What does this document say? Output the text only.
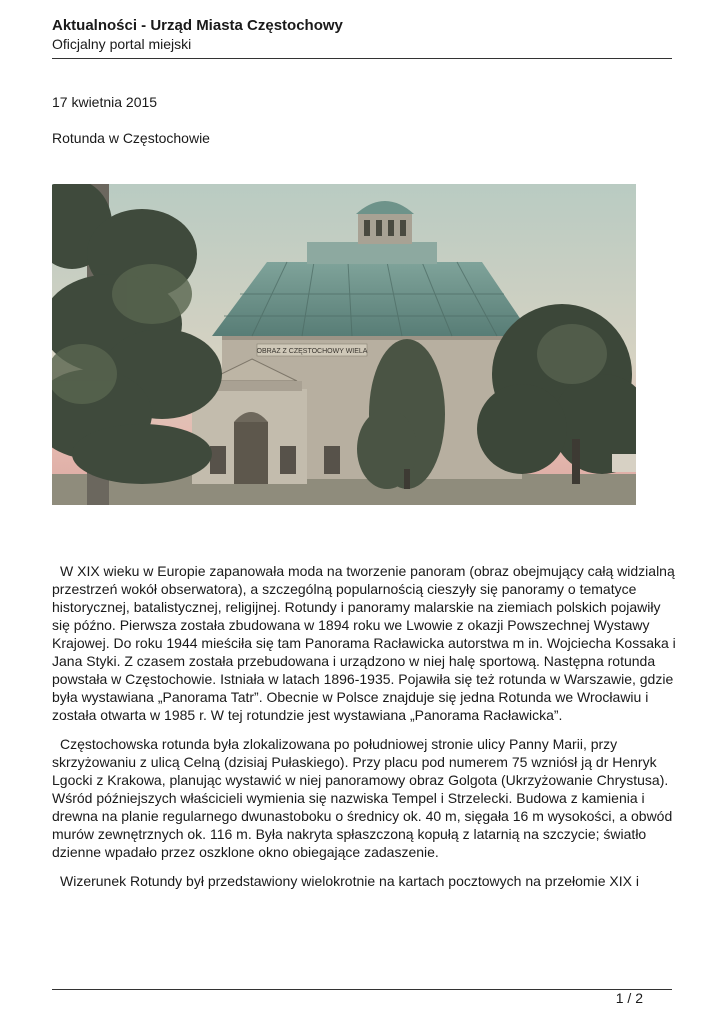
Aktualności - Urząd Miasta Częstochowy
Oficjalny portal miejski
17 kwietnia 2015
Rotunda w Częstochowie
OBRAZ Z CZĘSTOCHOWY WIELA

W XIX wieku w Europie zapanowała moda na tworzenie panoram (obraz obejmujący całą widzialną przestrzeń wokół obserwatora), a szczególną popularnością cieszyły się panoramy o tematyce historycznej, batalistycznej, religijnej. Rotundy i panoramy malarskie na ziemiach polskich pojawiły się późno. Pierwsza została zbudowana w 1894 roku we Lwowie z okazji Powszechnej Wystawy Krajowej. Do roku 1944 mieściła się tam Panorama Racławicka autorstwa m in. Wojciecha Kossaka i Jana Styki. Z czasem została przebudowana i urządzono w niej halę sportową. Następna rotunda powstała w Częstochowie. Istniała w latach 1896-1935. Pojawiła się też rotunda w Warszawie, gdzie była wystawiana „Panorama Tatr”. Obecnie w Polsce znajduje się jedna Rotunda we Wrocławiu i została otwarta w 1985 r. W tej rotundzie jest wystawiana „Panorama Racławicka”.

Częstochowska rotunda była zlokalizowana po południowej stronie ulicy Panny Marii, przy skrzyżowaniu z ulicą Celną (dzisiaj Pułaskiego). Przy placu pod numerem 75 wzniósł ją dr Henryk Lgocki z Krakowa, planując wystawić w niej panoramowy obraz Golgota (Ukrzyżowanie Chrystusa). Wśród późniejszych właścicieli wymienia się nazwiska Tempel i Strzelecki. Budowa z kamienia i drewna na planie regularnego dwunastoboku o średnicy ok. 40 m, sięgała 16 m wysokości, a obwód murów zewnętrznych ok. 116 m. Była nakryta spłaszczoną kopułą z latarnią na szczycie; światło dzienne wpadało przez oszklone okno obiegające zadaszenie.

Wizerunek Rotundy był przedstawiony wielokrotnie na kartach pocztowych na przełomie XIX i

1 / 2
